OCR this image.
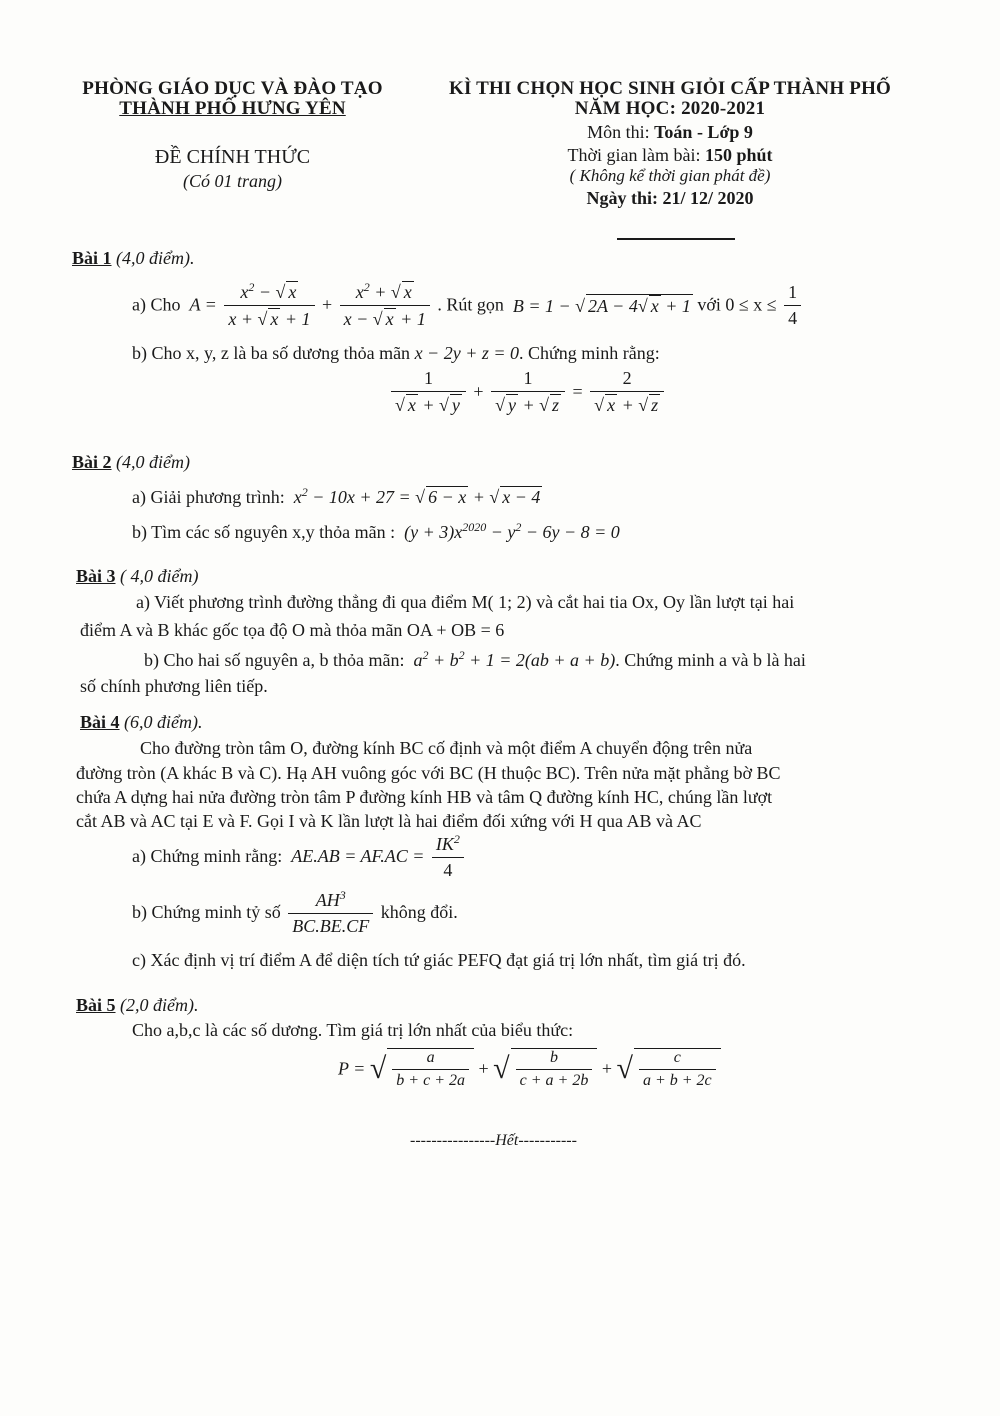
PHÒNG GIÁO DỤC VÀ ĐÀO TẠO
THÀNH PHỐ HƯNG YÊN
ĐỀ CHÍNH THỨC
(Có 01 trang)
KÌ THI CHỌN HỌC SINH GIỎI CẤP THÀNH PHỐ
NĂM HỌC: 2020-2021
Môn thi: Toán - Lớp 9
Thời gian làm bài: 150 phút
( Không kể thời gian phát đề)
Ngày thi: 21/ 12/ 2020
Bài 1 (4,0 điểm).
a) Cho  $A = \frac{x^2 - √ x}{x + √ x + 1} + \frac{x^2 + √ x}{x - √ x + 1}$ . Rút gọn  B = 1 − √ 2A − 4√ x + 1 với $0 \le x \le \frac{1}{4}$
b) Cho x, y, z là ba số dương thỏa mãn x − 2y + z = 0. Chứng minh rằng:
$\frac{1}{√ x + √ y} + \frac{1}{√ y + √ z} = \frac{2}{√ x + √ z}$
Bài 2 (4,0 điểm)
a) Giải phương trình:  $x^2 - 10x + 27$ = √ 6 − x + √ x − 4
b) Tìm các số nguyên x,y thỏa mãn :  $(y + 3)x^{2020} - y^2 - 6y - 8 = 0$
Bài 3 ( 4,0 điểm)
a) Viết phương trình đường thẳng đi qua điểm M( 1; 2) và cắt hai tia Ox, Oy lần lượt tại hai
điểm A và B khác gốc tọa độ O mà thỏa mãn OA + OB = 6
b) Cho hai số nguyên a, b thỏa mãn:  $a^2 + b^2 + 1 = 2(ab + a + b)$. Chứng minh a và b là hai
số chính phương liên tiếp.
Bài 4 (6,0 điểm).
Cho đường tròn tâm O, đường kính BC cố định và một điểm A chuyển động trên nửa
đường tròn (A khác B và C). Hạ AH vuông góc với BC (H thuộc BC). Trên nửa mặt phẳng bờ BC
chứa A dựng hai nửa đường tròn tâm P đường kính HB và tâm Q đường kính HC, chúng lần lượt
cắt AB và AC tại E và F. Gọi I và K lần lượt là hai điểm đối xứng với H qua AB và AC
a) Chứng minh rằng:  $AE.AB = AF.AC = \frac{IK^2}{4}$
b) Chứng minh tỷ số $\frac{AH^3}{BC.BE.CF}$ không đổi.
c) Xác định vị trí điểm A để diện tích tứ giác PEFQ đạt giá trị lớn nhất, tìm giá trị đó.
Bài 5 (2,0 điểm).
Cho a,b,c là các số dương. Tìm giá trị lớn nhất của biểu thức:
P = √ $\frac{a}{b + c + 2a}$ + √ $\frac{b}{c + a + 2b}$ + √ $\frac{c}{a + b + 2c}$
----------------Hết-----------
